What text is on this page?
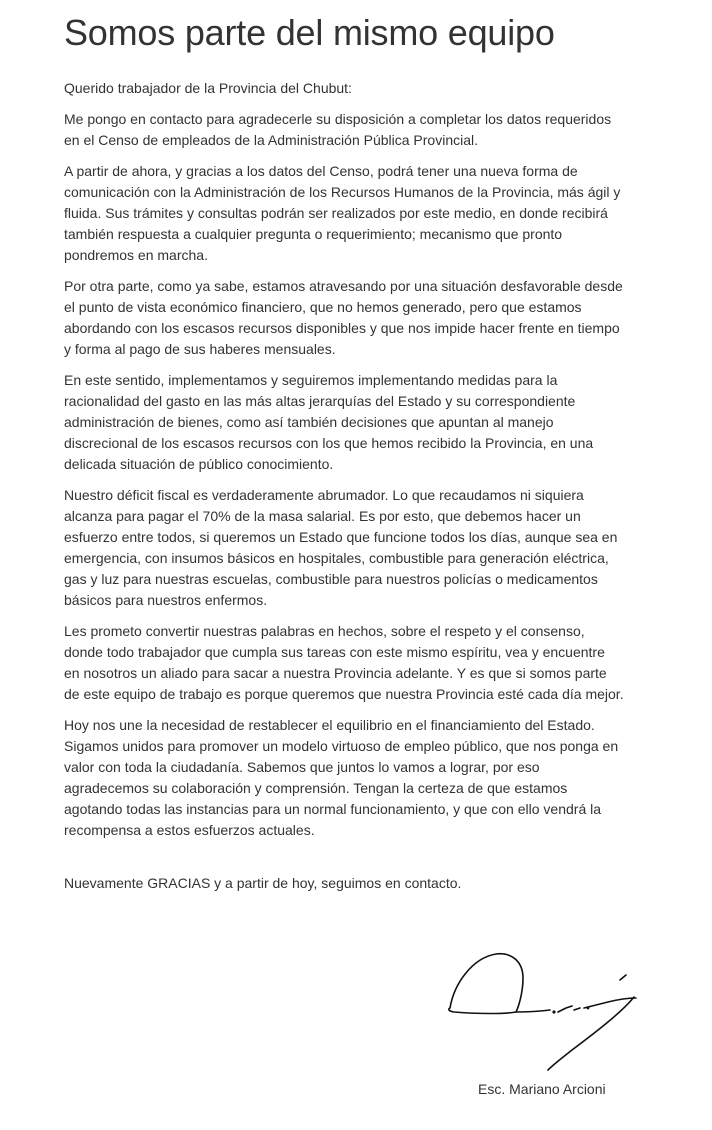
Somos parte del mismo equipo

Querido trabajador de la Provincia del Chubut:

Me pongo en contacto para agradecerle su disposición a completar los datos requeridos en el Censo de empleados de la Administración Pública Provincial.

A partir de ahora, y gracias a los datos del Censo, podrá tener una nueva forma de comunicación con la Administración de los Recursos Humanos de la Provincia, más ágil y fluida. Sus trámites y consultas podrán ser realizados por este medio, en donde recibirá también respuesta a cualquier pregunta o requerimiento; mecanismo que pronto pondremos en marcha.

Por otra parte, como ya sabe, estamos atravesando por una situación desfavorable desde el punto de vista económico financiero, que no hemos generado, pero que estamos abordando con los escasos recursos disponibles y que nos impide hacer frente en tiempo y forma al pago de sus haberes mensuales.

En este sentido, implementamos y seguiremos implementando medidas para la racionalidad del gasto en las más altas jerarquías del Estado y su correspondiente administración de bienes, como así también decisiones que apuntan al manejo discrecional de los escasos recursos con los que hemos recibido la Provincia, en una delicada situación de público conocimiento.

Nuestro déficit fiscal es verdaderamente abrumador. Lo que recaudamos ni siquiera alcanza para pagar el 70% de la masa salarial. Es por esto, que debemos hacer un esfuerzo entre todos, si queremos un Estado que funcione todos los días, aunque sea en emergencia, con insumos básicos en hospitales, combustible para generación eléctrica, gas y luz para nuestras escuelas, combustible para nuestros policías o medicamentos básicos para nuestros enfermos.

Les prometo convertir nuestras palabras en hechos, sobre el respeto y el consenso, donde todo trabajador que cumpla sus tareas con este mismo espíritu, vea y encuentre en nosotros un aliado para sacar a nuestra Provincia adelante. Y es que si somos parte de este equipo de trabajo es porque queremos que nuestra Provincia esté cada día mejor.

Hoy nos une la necesidad de restablecer el equilibrio en el financiamiento del Estado. Sigamos unidos para promover un modelo virtuoso de empleo público, que nos ponga en valor con toda la ciudadanía. Sabemos que juntos lo vamos a lograr, por eso agradecemos su colaboración y comprensión. Tengan la certeza de que estamos agotando todas las instancias para un normal funcionamiento, y que con ello vendrá la recompensa a estos esfuerzos actuales.

Nuevamente GRACIAS y a partir de hoy, seguimos en contacto.

Esc. Mariano Arcioni
